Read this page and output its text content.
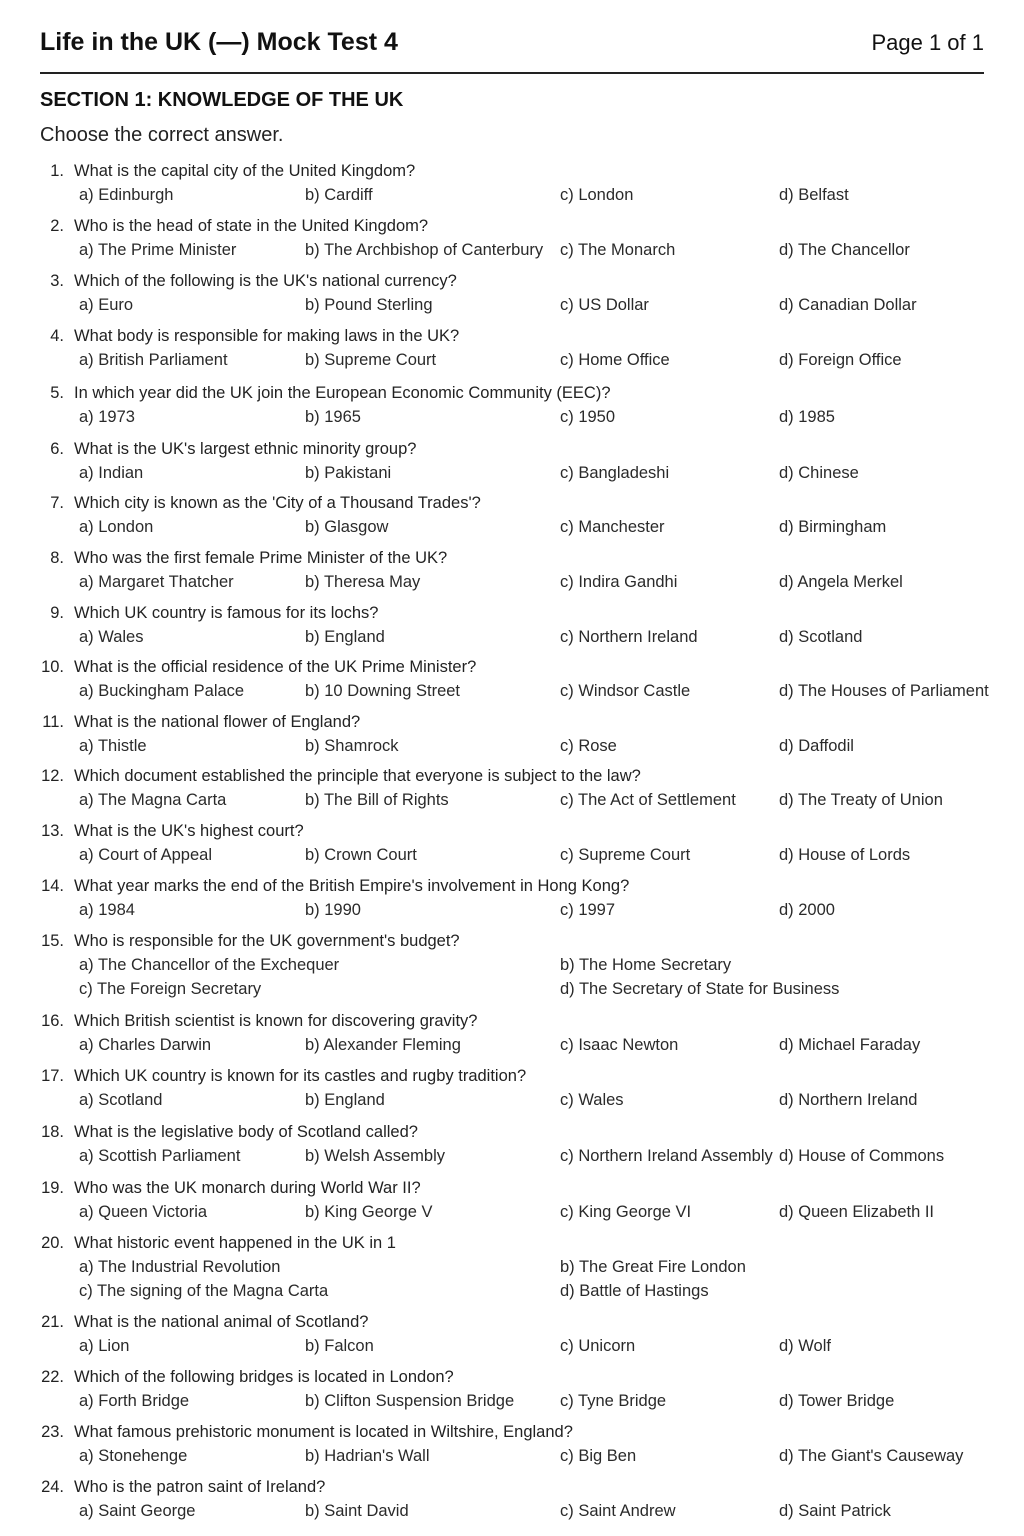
Life in the UK (—) Mock Test 4	Page 1 of 1
SECTION 1: KNOWLEDGE OF THE UK
Choose the correct answer.
1. What is the capital city of the United Kingdom?
a) Edinburgh	b) Cardiff	c) London	d) Belfast
2. Who is the head of state in the United Kingdom?
a) The Prime Minister	b) The Archbishop of Canterbury c) The Monarch	d) The Chancellor
3. Which of the following is the UK's national currency?
a) Euro	b) Pound Sterling	c) US Dollar	d) Canadian Dollar
4. What body is responsible for making laws in the UK?
a) British Parliament	b) Supreme Court	c) Home Office	d) Foreign Office
5. In which year did the UK join the European Economic Community (EEC)?
a) 1973	b) 1965	c) 1950	d) 1985
6. What is the UK's largest ethnic minority group?
a) Indian	b) Pakistani	c) Bangladeshi	d) Chinese
7. Which city is known as the 'City of a Thousand Trades'?
a) London	b) Glasgow	c) Manchester	d) Birmingham
8. Who was the first female Prime Minister of the UK?
a) Margaret Thatcher	b) Theresa May	c) Indira Gandhi	d) Angela Merkel
9. Which UK country is famous for its lochs?
a) Wales	b) England	c) Northern Ireland	d) Scotland
10. What is the official residence of the UK Prime Minister?
a) Buckingham Palace	b) 10 Downing Street	c) Windsor Castle	d) The Houses of Parliament
11. What is the national flower of England?
a) Thistle	b) Shamrock	c) Rose	d) Daffodil
12. Which document established the principle that everyone is subject to the law?
a) The Magna Carta	b) The Bill of Rights	c) The Act of Settlement	d) The Treaty of Union
13. What is the UK's highest court?
a) Court of Appeal	b) Crown Court	c) Supreme Court	d) House of Lords
14. What year marks the end of the British Empire's involvement in Hong Kong?
a) 1984	b) 1990	c) 1997	d) 2000
15. Who is responsible for the UK government's budget?
a) The Chancellor of the Exchequer	b) The Home Secretary
c) The Foreign Secretary	d) The Secretary of State for Business
16. Which British scientist is known for discovering gravity?
a) Charles Darwin	b) Alexander Fleming	c) Isaac Newton	d) Michael Faraday
17. Which UK country is known for its castles and rugby tradition?
a) Scotland	b) England	c) Wales	d) Northern Ireland
18. What is the legislative body of Scotland called?
a) Scottish Parliament	b) Welsh Assembly	c) Northern Ireland Assembly d) House of Commons
19. Who was the UK monarch during World War II?
a) Queen Victoria	b) King George V	c) King George VI	d) Queen Elizabeth II
20. What historic event happened in the UK in 1
a) The Industrial Revolution	b) The Great Fire London
c) The signing of the Magna Carta	d) Battle of Hastings
21. What is the national animal of Scotland?
a) Lion	b) Falcon	c) Unicorn	d) Wolf
22. Which of the following bridges is located in London?
a) Forth Bridge	b) Clifton Suspension Bridge	c) Tyne Bridge	d) Tower Bridge
23. What famous prehistoric monument is located in Wiltshire, England?
a) Stonehenge	b) Hadrian's Wall	c) Big Ben	d) The Giant's Causeway
24. Who is the patron saint of Ireland?
a) Saint George	b) Saint David	c) Saint Andrew	d) Saint Patrick
